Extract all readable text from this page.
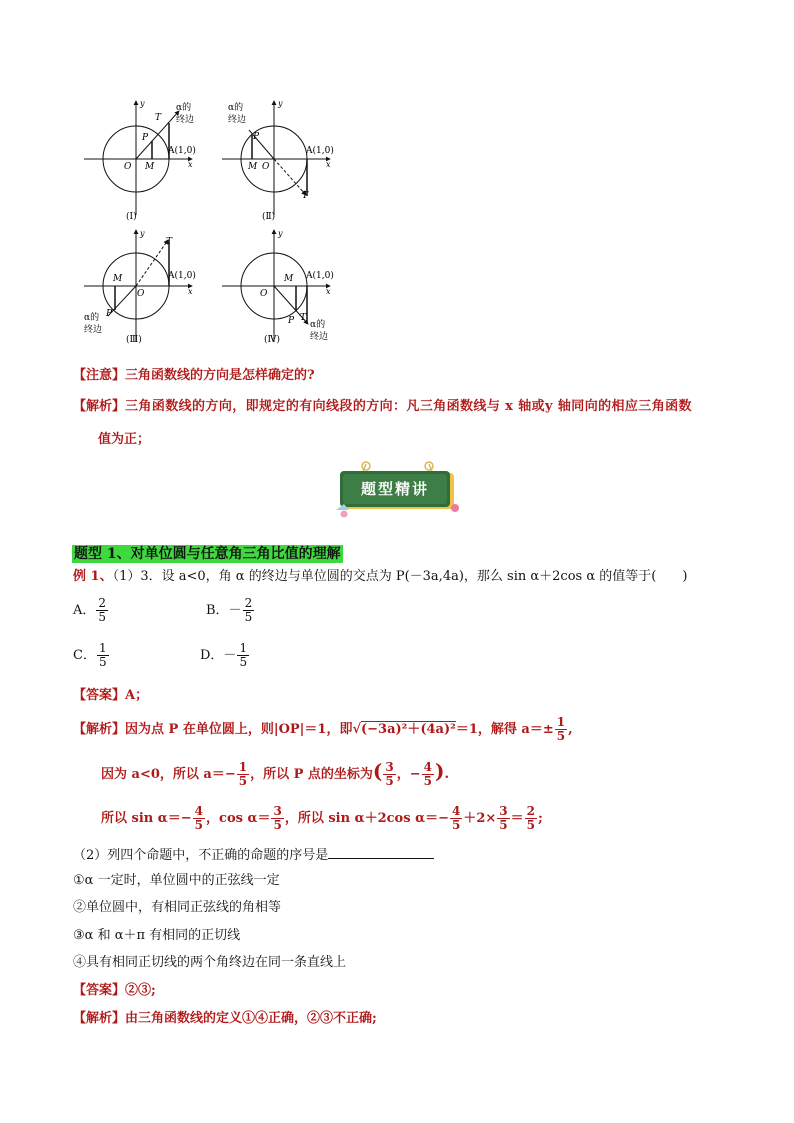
y
x
O M
P
T
A(1,0)
α的
终边
(Ⅰ)
y
x
O
M
P
T
A(1,0)
α的
终边
(Ⅱ)
y
x
O
M
P
T
A(1,0)
α的
终边
(Ⅲ)
y
x
O
M
P T
A(1,0)
α的
终边
(Ⅳ)
【注意】三角函数线的方向是怎样确定的?
【解析】三角函数线的方向，即规定的有向线段的方向：凡三角函数线与 x 轴或y 轴同向的相应三角函数
值为正；
题型精讲
题型 1、对单位圆与任意角三角比值的理解
例 1、（1）3．设 a<0，角 α 的终边与单位圆的交点为 P(－3a,4a)，那么 sin α＋2cos α 的值等于(　　)
A． $\frac{2}{5}$	B．－ $\frac{2}{5}$
C． $\frac{1}{5}$	D．－ $\frac{1}{5}$
【答案】A；
【解析】因为点 P 在单位圆上，则|OP|＝1，即√(−3a)²＋(4a)²＝1，解得 $a=\pm \frac{1}{5}$ ,
因为 a<0，所以 $a=- \frac{1}{5}$ ，所以 P 点的坐标为( $\frac{3}{5}$ ，− $\frac{4}{5}$ ).
所以 $\sin \alpha=- \frac{4}{5}$ ，$\cos \alpha= \frac{3}{5}$ ，所以 sin α＋2cos $\alpha=- \frac{4}{5} +2\times \frac{3}{5} = \frac{2}{5}$ ;
（2）列四个命题中，不正确的命题的序号是
①α 一定时，单位圆中的正弦线一定
②单位圆中，有相同正弦线的角相等
③α 和 α＋π 有相同的正切线
④具有相同正切线的两个角终边在同一条直线上
【答案】②③;
【解析】由三角函数线的定义①④正确，②③不正确;
